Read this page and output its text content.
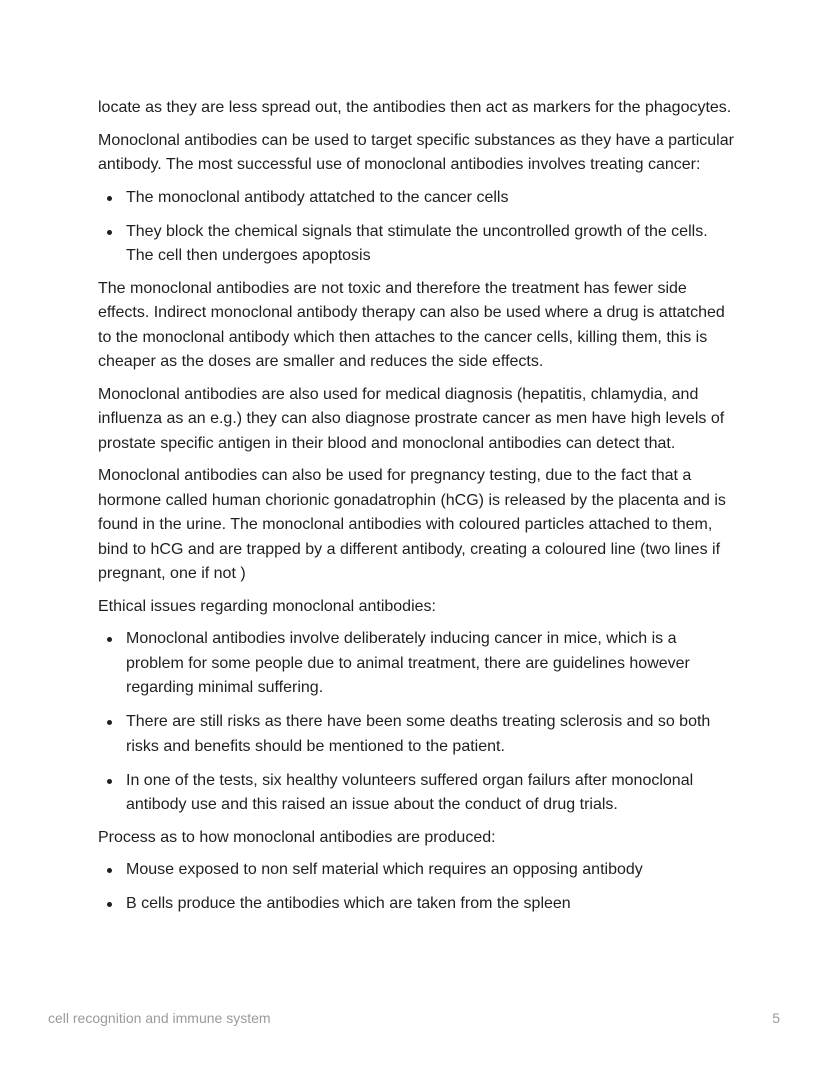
locate as they are less spread out, the antibodies then act as markers for the phagocytes.

Monoclonal antibodies can be used to target specific substances as they have a particular antibody. The most successful use of monoclonal antibodies involves treating cancer:

The monoclonal antibody attatched to the cancer cells
They block the chemical signals that stimulate the uncontrolled growth of the cells. The cell then undergoes apoptosis

The monoclonal antibodies are not toxic and therefore the treatment has fewer side effects. Indirect monoclonal antibody therapy can also be used where a drug is attatched to the monoclonal antibody which then attaches to the cancer cells, killing them, this is cheaper as the doses are smaller and reduces the side effects.

Monoclonal antibodies are also used for medical diagnosis (hepatitis, chlamydia, and influenza as an e.g.) they can also diagnose prostrate cancer as men have high levels of prostate specific antigen in their blood and monoclonal antibodies can detect that.

Monoclonal antibodies can also be used for pregnancy testing, due to the fact that a hormone called human chorionic gonadatrophin (hCG) is released by the placenta and is found in the urine. The monoclonal antibodies with coloured particles attached to them, bind to hCG and are trapped by a different antibody, creating a coloured line (two lines if pregnant, one if not )

Ethical issues regarding monoclonal antibodies:

Monoclonal antibodies involve deliberately inducing cancer in mice, which is a problem for some people due to animal treatment, there are guidelines however regarding minimal suffering.
There are still risks as there have been some deaths treating sclerosis and so both risks and benefits should be mentioned to the patient.
In one of the tests, six healthy volunteers suffered organ failurs after monoclonal antibody use and this raised an issue about the conduct of drug trials.

Process as to how monoclonal antibodies are produced:

Mouse exposed to non self material which requires an opposing antibody
B cells produce the antibodies which are taken from the spleen
cell recognition and immune system	5
